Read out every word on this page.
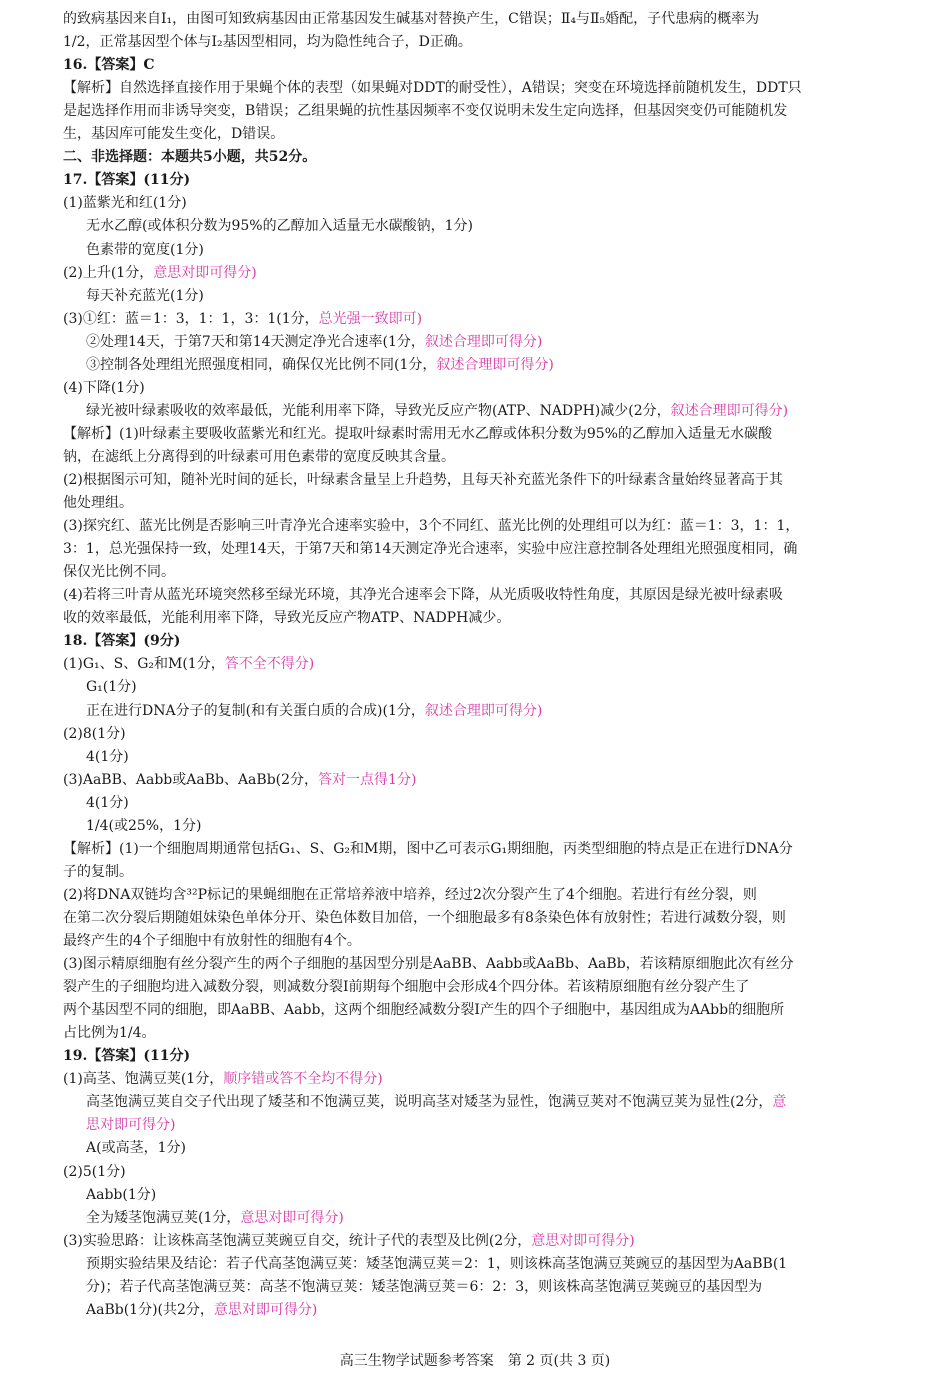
的致病基因来自Ⅰ₁，由图可知致病基因由正常基因发生碱基对替换产生，C错误；Ⅱ₄与Ⅱ₅婚配，子代患病的概率为
1/2，正常基因型个体与Ⅰ₂基因型相同，均为隐性纯合子，D正确。
16.【答案】C
【解析】自然选择直接作用于果蝇个体的表型（如果蝇对DDT的耐受性），A错误；突变在环境选择前随机发生，DDT只
是起选择作用而非诱导突变，B错误；乙组果蝇的抗性基因频率不变仅说明未发生定向选择，但基因突变仍可能随机发
生，基因库可能发生变化，D错误。
二、非选择题：本题共5小题，共52分。
17.【答案】(11分)
(1)蓝紫光和红(1分)
无水乙醇(或体积分数为95%的乙醇加入适量无水碳酸钠，1分)
色素带的宽度(1分)
(2)上升(1分，意思对即可得分)
每天补充蓝光(1分)
(3)①红：蓝＝1：3，1：1，3：1(1分，总光强一致即可)
②处理14天，于第7天和第14天测定净光合速率(1分，叙述合理即可得分)
③控制各处理组光照强度相同，确保仅光比例不同(1分，叙述合理即可得分)
(4)下降(1分)
绿光被叶绿素吸收的效率最低，光能利用率下降，导致光反应产物(ATP、NADPH)减少(2分，叙述合理即可得分)
【解析】(1)叶绿素主要吸收蓝紫光和红光。提取叶绿素时需用无水乙醇或体积分数为95%的乙醇加入适量无水碳酸
钠，在滤纸上分离得到的叶绿素可用色素带的宽度反映其含量。
(2)根据图示可知，随补光时间的延长，叶绿素含量呈上升趋势，且每天补充蓝光条件下的叶绿素含量始终显著高于其
他处理组。
(3)探究红、蓝光比例是否影响三叶青净光合速率实验中，3个不同红、蓝光比例的处理组可以为红：蓝＝1：3，1：1，
3：1，总光强保持一致，处理14天，于第7天和第14天测定净光合速率，实验中应注意控制各处理组光照强度相同，确
保仅光比例不同。
(4)若将三叶青从蓝光环境突然移至绿光环境，其净光合速率会下降，从光质吸收特性角度，其原因是绿光被叶绿素吸
收的效率最低，光能利用率下降，导致光反应产物ATP、NADPH减少。
18.【答案】(9分)
(1)G₁、S、G₂和M(1分，答不全不得分)
G₁(1分)
正在进行DNA分子的复制(和有关蛋白质的合成)(1分，叙述合理即可得分)
(2)8(1分)
4(1分)
(3)AaBB、Aabb或AaBb、AaBb(2分，答对一点得1分)
4(1分)
1/4(或25%，1分)
【解析】(1)一个细胞周期通常包括G₁、S、G₂和M期，图中乙可表示G₁期细胞，丙类型细胞的特点是正在进行DNA分
子的复制。
(2)将DNA双链均含³²P标记的果蝇细胞在正常培养液中培养，经过2次分裂产生了4个细胞。若进行有丝分裂，则
在第二次分裂后期随姐妹染色单体分开、染色体数目加倍，一个细胞最多有8条染色体有放射性；若进行减数分裂，则
最终产生的4个子细胞中有放射性的细胞有4个。
(3)图示精原细胞有丝分裂产生的两个子细胞的基因型分别是AaBB、Aabb或AaBb、AaBb，若该精原细胞此次有丝分
裂产生的子细胞均进入减数分裂，则减数分裂Ⅰ前期每个细胞中会形成4个四分体。若该精原细胞有丝分裂产生了
两个基因型不同的细胞，即AaBB、Aabb，这两个细胞经减数分裂Ⅰ产生的四个子细胞中，基因组成为AAbb的细胞所
占比例为1/4。
19.【答案】(11分)
(1)高茎、饱满豆荚(1分，顺序错或答不全均不得分)
高茎饱满豆荚自交子代出现了矮茎和不饱满豆荚，说明高茎对矮茎为显性，饱满豆荚对不饱满豆荚为显性(2分，意
思对即可得分)
A(或高茎，1分)
(2)5(1分)
Aabb(1分)
全为矮茎饱满豆荚(1分，意思对即可得分)
(3)实验思路：让该株高茎饱满豆荚豌豆自交，统计子代的表型及比例(2分，意思对即可得分)
预期实验结果及结论：若子代高茎饱满豆荚：矮茎饱满豆荚＝2：1，则该株高茎饱满豆荚豌豆的基因型为AaBB(1
分)；若子代高茎饱满豆荚：高茎不饱满豆荚：矮茎饱满豆荚＝6：2：3，则该株高茎饱满豆荚豌豆的基因型为
AaBb(1分)(共2分，意思对即可得分)
高三生物学试题参考答案　第 2 页(共 3 页)
